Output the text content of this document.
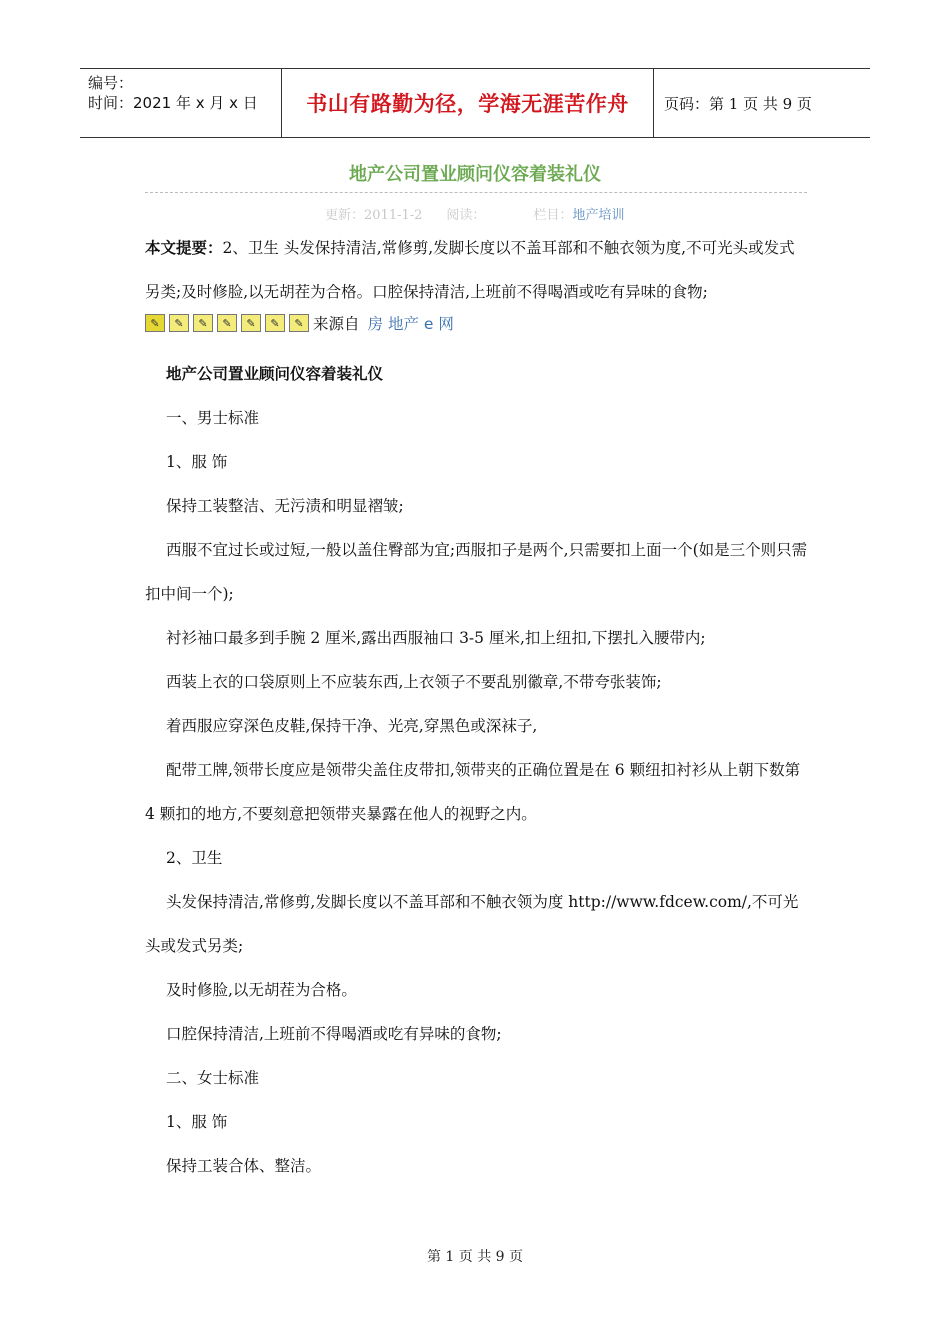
编号：
时间：2021 年 x 月 x 日	书山有路勤为径，学海无涯苦作舟 页码：第 1 页 共 9 页
地产公司置业顾问仪容着装礼仪
更新：2011-1-2 阅读：	栏目：地产培训
本文提要：2、卫生 头发保持清洁,常修剪,发脚长度以不盖耳部和不触衣领为度,不可光头或发式另类;及时修脸,以无胡茬为合格。口腔保持清洁,上班前不得喝酒或吃有异味的食物;
✎	✎	✎	✎	✎	✎	✎ 来源自 房 地产 e 网

地产公司置业顾问仪容着装礼仪

一、男士标准

1、服 饰

保持工装整洁、无污渍和明显褶皱;

西服不宜过长或过短,一般以盖住臀部为宜;西服扣子是两个,只需要扣上面一个(如是三个则只需扣中间一个);

衬衫袖口最多到手腕 2 厘米,露出西服袖口 3-5 厘米,扣上纽扣,下摆扎入腰带内;

西装上衣的口袋原则上不应装东西,上衣领子不要乱别徽章,不带夸张装饰;

着西服应穿深色皮鞋,保持干净、光亮,穿黑色或深袜子,

配带工牌,领带长度应是领带尖盖住皮带扣,领带夹的正确位置是在 6 颗纽扣衬衫从上朝下数第 4 颗扣的地方,不要刻意把领带夹暴露在他人的视野之内。

2、卫生

头发保持清洁,常修剪,发脚长度以不盖耳部和不触衣领为度 http://www.fdcew.com/,不可光头或发式另类;

及时修脸,以无胡茬为合格。

口腔保持清洁,上班前不得喝酒或吃有异味的食物;

二、女士标准

1、服 饰

保持工装合体、整洁。

第 1 页 共 9 页
